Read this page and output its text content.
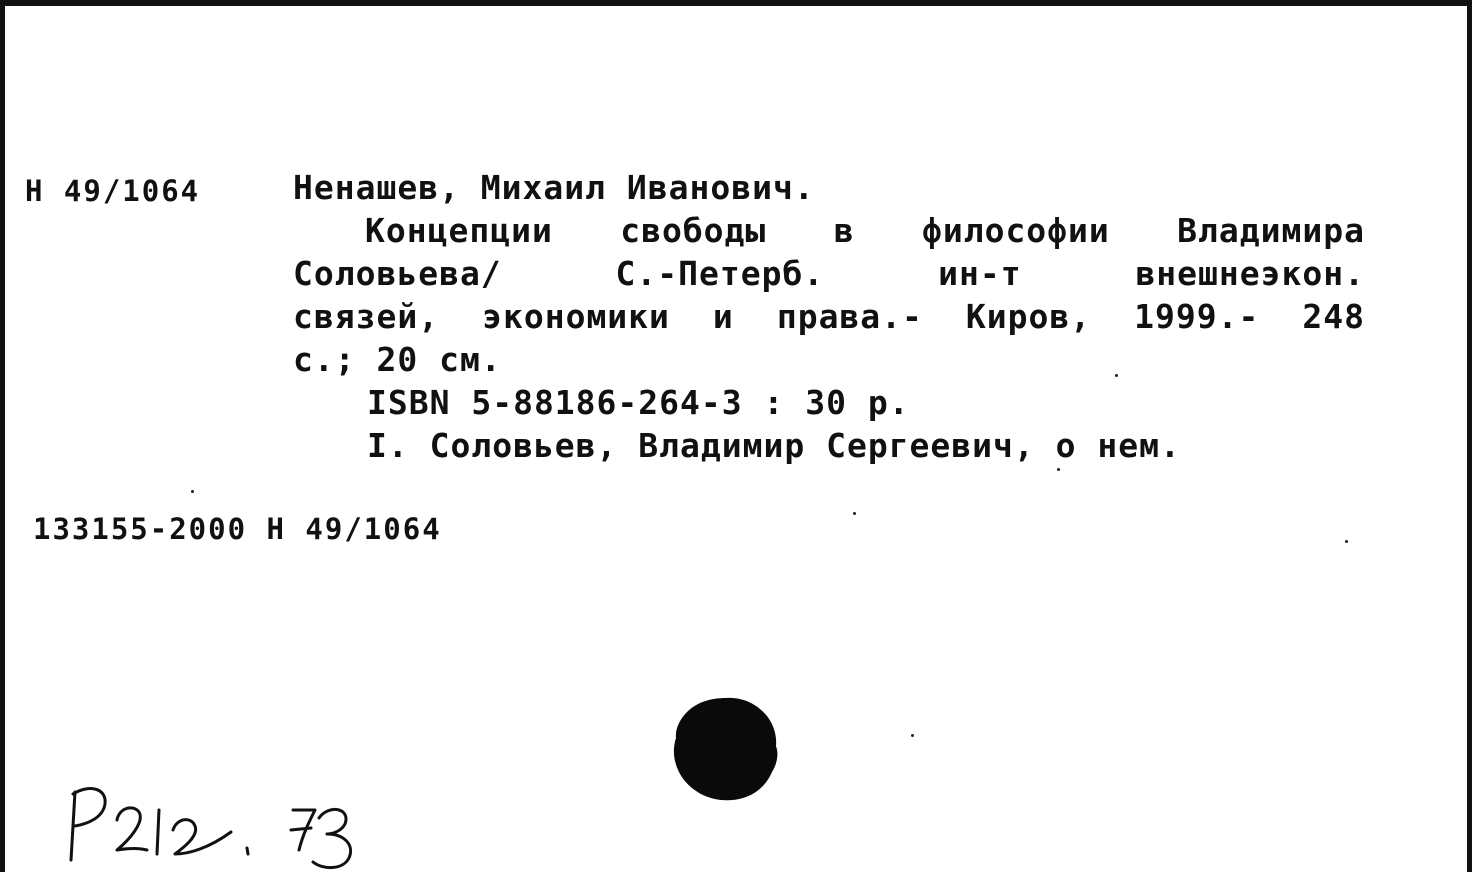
Н 49/1064	Ненашев, Михаил Иванович.
Концепции свободы в философии Владимира
Соловьева/ С.-Петерб. ин-т внешнеэкон.
связей, экономики и права.- Киров, 1999.- 248
с.; 20 см.
ISBN 5-88186-264-3 : 30 р.
I. Соловьев, Владимир Сергеевич, о нем.
133155-2000 Н 49/1064
